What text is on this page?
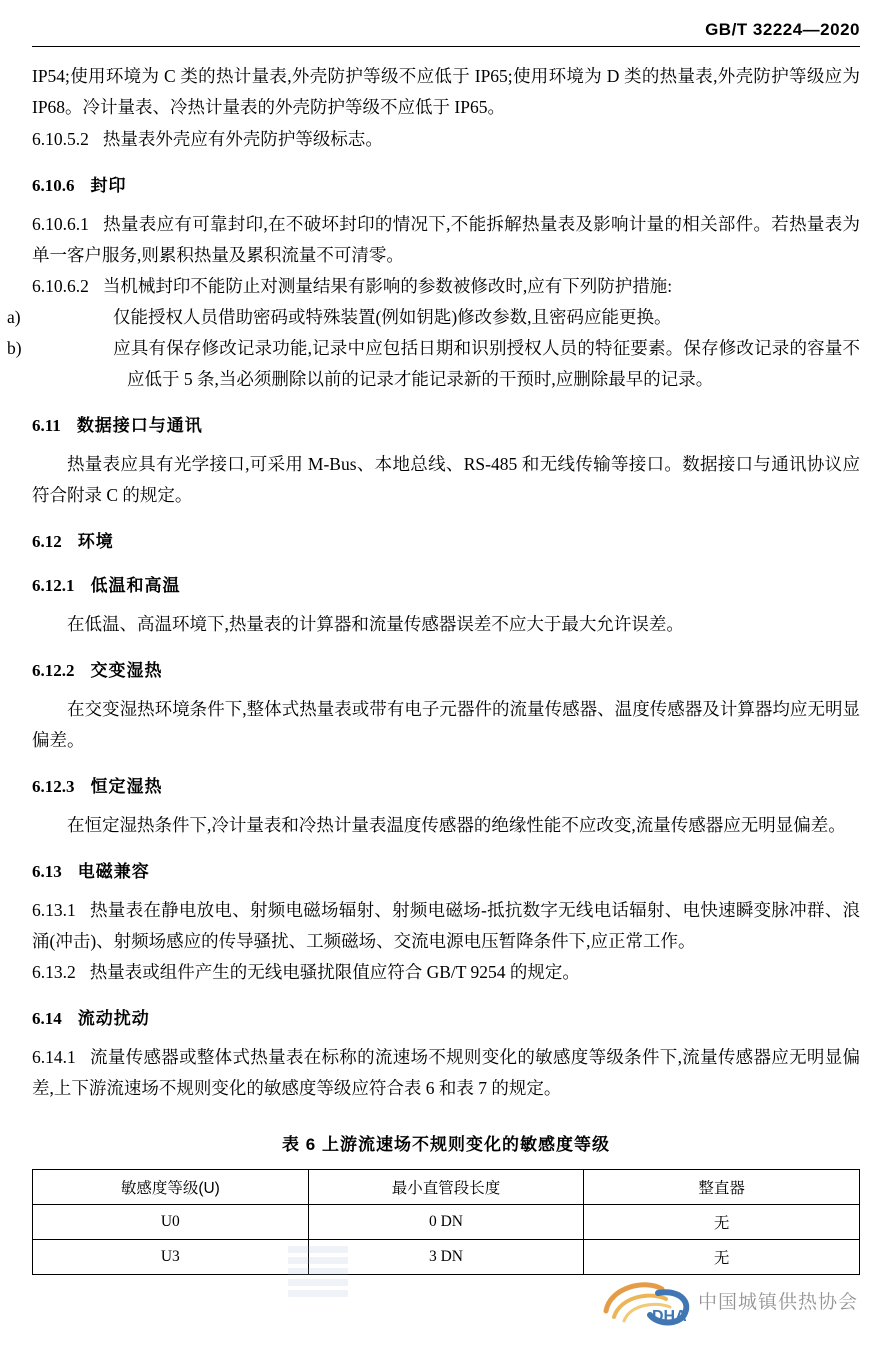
GB/T 32224—2020

IP54;使用环境为 C 类的热计量表,外壳防护等级不应低于 IP65;使用环境为 D 类的热量表,外壳防护等级应为 IP68。冷计量表、冷热计量表的外壳防护等级不应低于 IP65。

6.10.5.2 热量表外壳应有外壳防护等级标志。

6.10.6 封印

6.10.6.1 热量表应有可靠封印,在不破坏封印的情况下,不能拆解热量表及影响计量的相关部件。若热量表为单一客户服务,则累积热量及累积流量不可清零。

6.10.6.2 当机械封印不能防止对测量结果有影响的参数被修改时,应有下列防护措施:

a)	仅能授权人员借助密码或特殊装置(例如钥匙)修改参数,且密码应能更换。

b)	应具有保存修改记录功能,记录中应包括日期和识别授权人员的特征要素。保存修改记录的容量不应低于 5 条,当必须删除以前的记录才能记录新的干预时,应删除最早的记录。

6.11 数据接口与通讯

热量表应具有光学接口,可采用 M-Bus、本地总线、RS-485 和无线传输等接口。数据接口与通讯协议应符合附录 C 的规定。

6.12 环境
6.12.1 低温和高温

在低温、高温环境下,热量表的计算器和流量传感器误差不应大于最大允许误差。

6.12.2 交变湿热

在交变湿热环境条件下,整体式热量表或带有电子元器件的流量传感器、温度传感器及计算器均应无明显偏差。

6.12.3 恒定湿热

在恒定湿热条件下,冷计量表和冷热计量表温度传感器的绝缘性能不应改变,流量传感器应无明显偏差。

6.13 电磁兼容

6.13.1 热量表在静电放电、射频电磁场辐射、射频电磁场-抵抗数字无线电话辐射、电快速瞬变脉冲群、浪涌(冲击)、射频场感应的传导骚扰、工频磁场、交流电源电压暂降条件下,应正常工作。

6.13.2 热量表或组件产生的无线电骚扰限值应符合 GB/T 9254 的规定。

6.14 流动扰动

6.14.1 流量传感器或整体式热量表在标称的流速场不规则变化的敏感度等级条件下,流量传感器应无明显偏差,上下游流速场不规则变化的敏感度等级应符合表 6 和表 7 的规定。

表 6 上游流速场不规则变化的敏感度等级
敏感度等级(U)	最小直管段长度	整直器
U0	0 DN	无
U3	3 DN	无
DHA
中国城镇供热协会
